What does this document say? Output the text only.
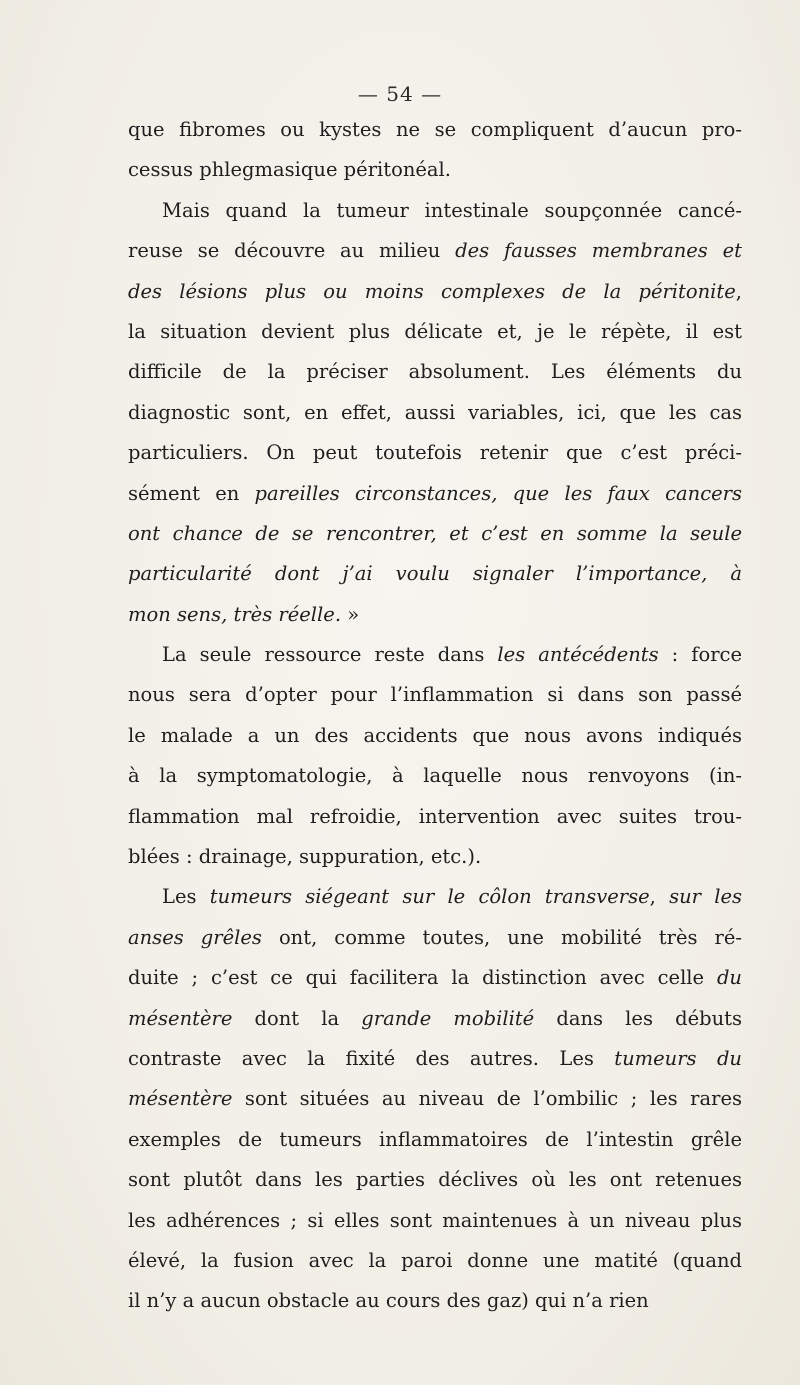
— 54 —
que fibromes ou kystes ne se compliquent d’aucun pro-
cessus phlegmasique péritonéal.
Mais quand la tumeur intestinale soupçonnée cancé-
reuse se découvre au milieu des fausses membranes et
des lésions plus ou moins complexes de la péritonite,
la situation devient plus délicate et, je le répète, il est
difficile de la préciser absolument. Les éléments du
diagnostic sont, en effet, aussi variables, ici, que les cas
particuliers. On peut toutefois retenir que c’est préci-
sément en pareilles circonstances, que les faux cancers
ont chance de se rencontrer, et c’est en somme la seule
particularité dont j’ai voulu signaler l’importance, à
mon sens, très réelle. »
La seule ressource reste dans les antécédents : force
nous sera d’opter pour l’inflammation si dans son passé
le malade a un des accidents que nous avons indiqués
à la symptomatologie, à laquelle nous renvoyons (in-
flammation mal refroidie, intervention avec suites trou-
blées : drainage, suppuration, etc.).
Les tumeurs siégeant sur le côlon transverse, sur les
anses grêles ont, comme toutes, une mobilité très ré-
duite ; c’est ce qui facilitera la distinction avec celle du
mésentère dont la grande mobilité dans les débuts
contraste avec la fixité des autres. Les tumeurs du
mésentère sont situées au niveau de l’ombilic ; les rares
exemples de tumeurs inflammatoires de l’intestin grêle
sont plutôt dans les parties déclives où les ont retenues
les adhérences ; si elles sont maintenues à un niveau plus
élevé, la fusion avec la paroi donne une matité (quand
il n’y a aucun obstacle au cours des gaz) qui n’a rien
